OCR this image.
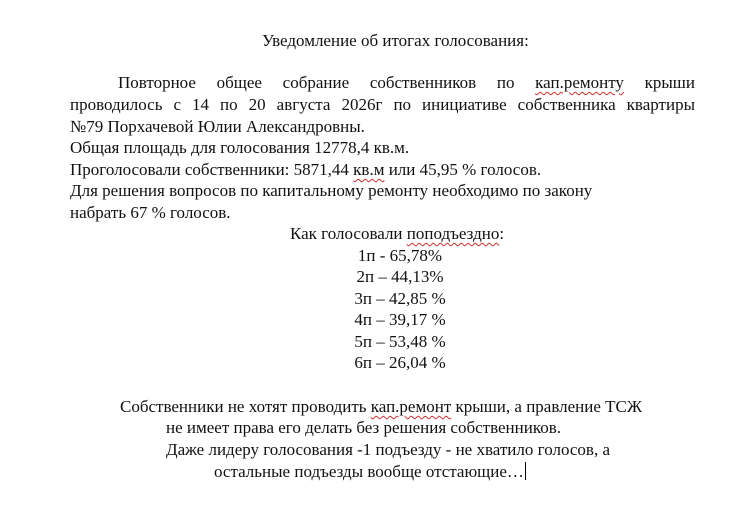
Уведомление об итогах голосования:
Повторное общее собрание собственников по кап.ремонту крыши
проводилось с 14 по 20 августа 2026г по инициативе собственника квартиры
№79 Порхачевой Юлии Александровны.
Общая площадь для голосования 12778,4 кв.м.
Проголосовали собственники: 5871,44 кв.м или 45,95 % голосов.
Для решения вопросов по капитальному ремонту необходимо по закону
набрать 67 % голосов.
Как голосовали поподъездно:
1п - 65,78%
2п – 44,13%
3п – 42,85 %
4п – 39,17 %
5п – 53,48 %
6п – 26,04 %
Собственники не хотят проводить кап.ремонт крыши, а правление ТСЖ
не имеет права его делать без решения собственников.
Даже лидеру голосования -1 подъезду - не хватило голосов, а
остальные подъезды вообще отстающие…
